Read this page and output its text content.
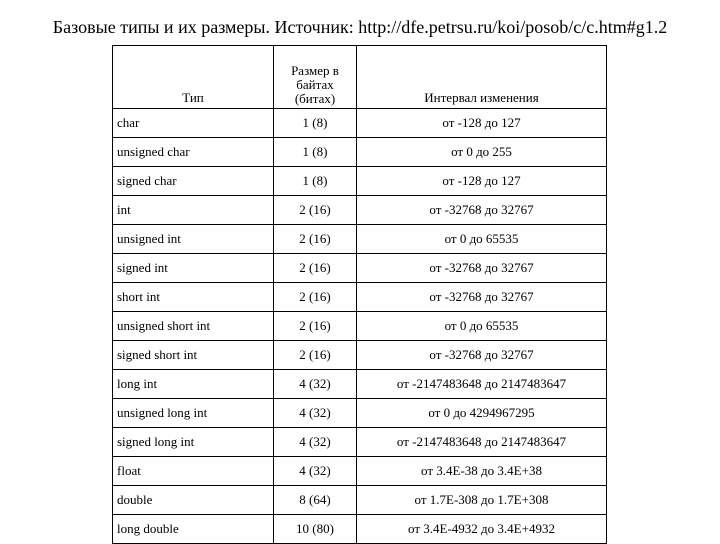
Базовые типы и их размеры. Источник: http://dfe.petrsu.ru/koi/posob/c/c.htm#g1.2
Тип	Размер в байтах (битах)	Интервал изменения
char	1 (8)	от -128 до 127
unsigned char	1 (8)	от 0 до 255
signed char	1 (8)	от -128 до 127
int	2 (16)	от -32768 до 32767
unsigned int	2 (16)	от 0 до 65535
signed int	2 (16)	от -32768 до 32767
short int	2 (16)	от -32768 до 32767
unsigned short int	2 (16)	от 0 до 65535
signed short int	2 (16)	от -32768 до 32767
long int	4 (32)	от -2147483648 до 2147483647
unsigned long int	4 (32)	от 0 до 4294967295
signed long int	4 (32)	от -2147483648 до 2147483647
float	4 (32)	от 3.4Е-38 до 3.4Е+38
double	8 (64)	от 1.7Е-308 до 1.7Е+308
long double	10 (80)	от 3.4Е-4932 до 3.4Е+4932
